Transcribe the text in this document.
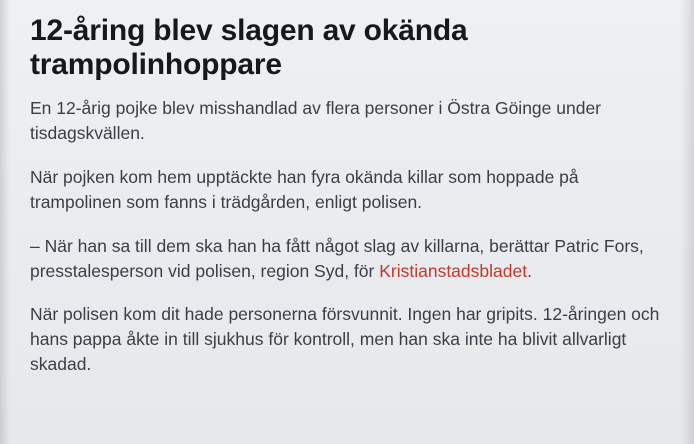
12-åring blev slagen av okända trampolinhoppare

En 12-årig pojke blev misshandlad av flera personer i Östra Göinge under tisdagskvällen.

När pojken kom hem upptäckte han fyra okända killar som hoppade på trampolinen som fanns i trädgården, enligt polisen.

– När han sa till dem ska han ha fått något slag av killarna, berättar Patric Fors, presstalesperson vid polisen, region Syd, för Kristianstadsbladet.

När polisen kom dit hade personerna försvunnit. Ingen har gripits. 12-åringen och hans pappa åkte in till sjukhus för kontroll, men han ska inte ha blivit allvarligt skadad.
